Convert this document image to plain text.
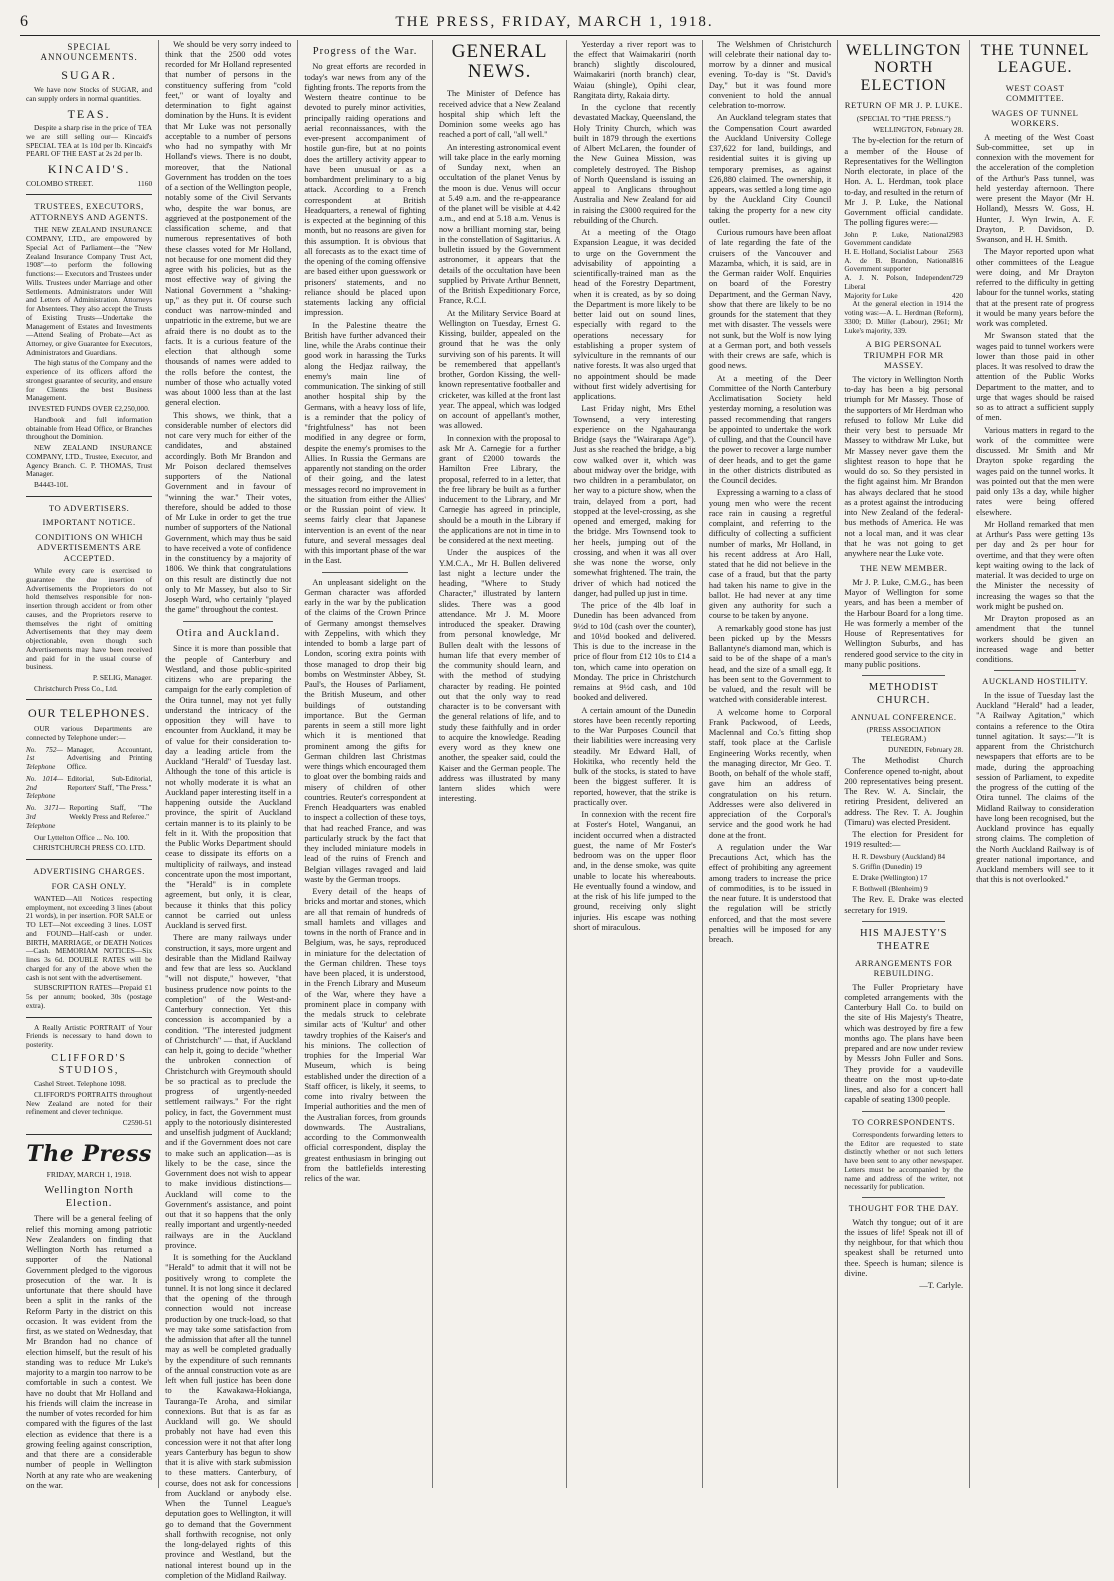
6	THE PRESS, FRIDAY, MARCH 1, 1918.
SPECIAL ANNOUNCEMENTS.
SUGAR.

We have now Stocks of SUGAR, and can supply orders in normal quantities.

TEAS.

Despite a sharp rise in the price of TEA we are still selling our— Kincaid's SPECIAL TEA at 1s 10d per lb. Kincaid's PEARL OF THE EAST at 2s 2d per lb.

KINCAID'S.
COLOMBO STREET.	1160
TRUSTEES, EXECUTORS, ATTORNEYS AND AGENTS.

THE NEW ZEALAND INSURANCE COMPANY, LTD., are empowered by Special Act of Parliament—the "New Zealand Insurance Company Trust Act, 1908"—to perform the following functions:— Executors and Trustees under Wills. Trustees under Marriage and other Settlements. Administrators under Will and Letters of Administration. Attorneys for Absentees. They also accept the Trusts of Existing Trusts—Undertake the Management of Estates and Investments—Attend Sealing of Probate—Act as Attorney, or give Guarantee for Executors, Administrators and Guardians.

The high status of the Company and the experience of its officers afford the strongest guarantee of security, and ensure for Clients the best Business Management.

INVESTED FUNDS OVER £2,250,000.

Handbook and full information obtainable from Head Office, or Branches throughout the Dominion.

NEW ZEALAND INSURANCE COMPANY, LTD., Trustee, Executor, and Agency Branch. C. P. THOMAS, Trust Manager.

B4443-10L

TO ADVERTISERS.
IMPORTANT NOTICE.
CONDITIONS ON WHICH ADVERTISEMENTS ARE ACCEPTED.

While every care is exercised to guarantee the due insertion of Advertisements the Proprietors do not hold themselves responsible for non-insertion through accident or from other causes, and the Proprietors reserve to themselves the right of omitting Advertisements that they may deem objectionable, even though such Advertisements may have been received and paid for in the usual course of business.

P. SELIG, Manager.

Christchurch Press Co., Ltd.

OUR TELEPHONES.

OUR various Departments are connected by Telephone under:—

No. 752—1st Telephone
Manager, Accountant, Advertising and Printing Office.
No. 1014—2nd Telephone
Editorial, Sub-Editorial, Reporters' Staff, "The Press."
No. 3171—3rd Telephone
Reporting Staff, "The Weekly Press and Referee."

Our Lyttelton Office ... No. 100.

CHRISTCHURCH PRESS CO. LTD.

ADVERTISING CHARGES.
FOR CASH ONLY.

WANTED—All Notices respecting employment, not exceeding 3 lines (about 21 words), in per insertion. FOR SALE or TO LET—Not exceeding 3 lines. LOST and FOUND—Half-cash or under. BIRTH, MARRIAGE, or DEATH Notices—Cash. MEMORIAM NOTICES—Six lines 3s 6d. DOUBLE RATES will be charged for any of the above when the cash is not sent with the advertisement.

SUBSCRIPTION RATES—Prepaid £1 5s per annum; booked, 30s (postage extra).

A Really Artistic PORTRAIT of Your Friends is necessary to hand down to posterity.

CLIFFORD'S STUDIOS,

Cashel Street. Telephone 1098.

CLIFFORD'S PORTRAITS throughout New Zealand are noted for their refinement and clever technique.

C2590-51

The Press
FRIDAY, MARCH 1, 1918.
Wellington North Election.

There will be a general feeling of relief this morning among patriotic New Zealanders on finding that Wellington North has returned a supporter of the National Government pledged to the vigorous prosecution of the war. It is unfortunate that there should have been a split in the ranks of the Reform Party in the district on this occasion. It was evident from the first, as we stated on Wednesday, that Mr Brandon had no chance of election himself, but the result of his standing was to reduce Mr Luke's majority to a margin too narrow to be comfortable in such a contest. We have no doubt that Mr Holland and his friends will claim the increase in the number of votes recorded for him compared with the figures of the last election as evidence that there is a growing feeling against conscription, and that there are a considerable number of people in Wellington North at any rate who are weakening on the war.

We should be very sorry indeed to think that the 2500 odd votes recorded for Mr Holland represented that number of persons in the constituency suffering from "cold feet," or want of loyalty and determination to fight against domination by the Huns. It is evident that Mr Luke was not personally acceptable to a number of persons who had no sympathy with Mr Holland's views. There is no doubt, moreover, that the National Government has trodden on the toes of a section of the Wellington people, notably some of the Civil Servants who, despite the war bonus, are aggrieved at the postponement of the classification scheme, and that numerous representatives of both these classes voted for Mr Holland, not because for one moment did they agree with his policies, but as the most effective way of giving the National Government a "shaking-up," as they put it. Of course such conduct was narrow-minded and unpatriotic in the extreme, but we are afraid there is no doubt as to the facts. It is a curious feature of the election that although some thousands of names were added to the rolls before the contest, the number of those who actually voted was about 1000 less than at the last general election.

This shows, we think, that a considerable number of electors did not care very much for either of the candidates, and abstained accordingly. Both Mr Brandon and Mr Poison declared themselves supporters of the National Government and in favour of "winning the war." Their votes, therefore, should be added to those of Mr Luke in order to get the true number of supporters of the National Government, which may thus be said to have received a vote of confidence in the constituency by a majority of 1806. We think that congratulations on this result are distinctly due not only to Mr Massey, but also to Sir Joseph Ward, who certainly "played the game" throughout the contest.

Otira and Auckland.

Since it is more than possible that the people of Canterbury and Westland, and those public-spirited citizens who are preparing the campaign for the early completion of the Otira tunnel, may not yet fully understand the intricacy of the opposition they will have to encounter from Auckland, it may be of value for their consideration to-day a leading article from the Auckland "Herald" of Tuesday last. Although the tone of this article is not wholly moderate it is what an Auckland paper interesting itself in a happening outside the Auckland province, the spirit of Auckland certain manner is to its plainly to be felt in it. With the proposition that the Public Works Department should cease to dissipate its efforts on a multiplicity of railways, and instead concentrate upon the most important, the "Herald" is in complete agreement, but only, it is clear, because it thinks that this policy cannot be carried out unless Auckland is served first.

There are many railways under construction, it says, more urgent and desirable than the Midland Railway and few that are less so. Auckland "will not dispute," however, "that business prudence now points to the completion" of the West-and-Canterbury connection. Yet this concession is accompanied by a condition. "The interested judgment of Christchurch" — that, if Auckland can help it, going to decide "whether the unbroken connection of Christchurch with Greymouth should be so practical as to preclude the progress of urgently-needed settlement railways." For the right policy, in fact, the Government must apply to the notoriously disinterested and unselfish judgment of Auckland; and if the Government does not care to make such an application—as is likely to be the case, since the Government does not wish to appear to make invidious distinctions—Auckland will come to the Government's assistance, and point out that it so happens that the only really important and urgently-needed railways are in the Auckland province.

It is something for the Auckland "Herald" to admit that it will not be positively wrong to complete the tunnel. It is not long since it declared that the opening of the through connection would not increase production by one truck-load, so that we may take some satisfaction from the admission that after all the tunnel may as well be completed gradually by the expenditure of such remnants of the annual construction vote as are left when full justice has been done to the Kawakawa-Hokianga, Taurangа-Te Aroha, and similar connexions. But that is as far as Auckland will go. We should probably not have had even this concession were it not that after long years Canterbury has begun to show that it is alive with stark submission to these matters. Canterbury, of course, does not ask for concessions from Auckland or anybody else. When the Tunnel League's deputation goes to Wellington, it will go to demand that the Government shall forthwith recognise, not only the long-delayed rights of this province and Westland, but the national interest bound up in the completion of the Midland Railway.

Progress of the War.

No great efforts are recorded in today's war news from any of the fighting fronts. The reports from the Western theatre continue to be devoted to purely minor activities, principally raiding operations and aerial reconnaissances, with the ever-present accompaniment of hostile gun-fire, but at no points does the artillery activity appear to have been unusual or as a bombardment preliminary to a big attack. According to a French correspondent at British Headquarters, a renewal of fighting is expected at the beginning of this month, but no reasons are given for this assumption. It is obvious that all forecasts as to the exact time of the opening of the coming offensive are based either upon guesswork or prisoners' statements, and no reliance should be placed upon statements lacking any official impression.

In the Palestine theatre the British have further advanced their line, while the Arabs continue their good work in harassing the Turks along the Hedjaz railway, the enemy's main line of communication. The sinking of still another hospital ship by the Germans, with a heavy loss of life, is a reminder that the policy of "frightfulness" has not been modified in any degree or form, despite the enemy's promises to the Allies. In Russia the Germans are apparently not standing on the order of their going, and the latest messages record no improvement in the situation from either the Allies' or the Russian point of view. It seems fairly clear that Japanese intervention is an event of the near future, and several messages deal with this important phase of the war in the East.

An unpleasant sidelight on the German character was afforded early in the war by the publication of the claims of the Crown Prince of Germany amongst themselves with Zeppelins, with which they intended to bomb a large part of London, scoring extra points with those managed to drop their big bombs on Westminster Abbey, St. Paul's, the Houses of Parliament, the British Museum, and other buildings of outstanding importance. But the German parents in seem a still more light which it is mentioned that prominent among the gifts for German children last Christmas were things which encouraged them to gloat over the bombing raids and misery of children of other countries. Reuter's correspondent at French Headquarters was enabled to inspect a collection of these toys, that had reached France, and was particularly struck by the fact that they included miniature models in lead of the ruins of French and Belgian villages ravaged and laid waste by the German troops.

Every detail of the heaps of bricks and mortar and stones, which are all that remain of hundreds of small hamlets and villages and towns in the north of France and in Belgium, was, he says, reproduced in miniature for the delectation of the German children. These toys have been placed, it is understood, in the French Library and Museum of the War, where they have a prominent place in company with the medals struck to celebrate similar acts of 'Kultur' and other tawdry trophies of the Kaiser's and his minions. The collection of trophies for the Imperial War Museum, which is being established under the direction of a Staff officer, is likely, it seems, to come into rivalry between the Imperial authorities and the men of the Australian forces, from grounds downwards. The Australians, according to the Commonwealth official correspondent, display the greatest enthusiasm in bringing out from the battlefields interesting relics of the war.

GENERAL NEWS.

The Minister of Defence has received advice that a New Zealand hospital ship which left the Dominion some weeks ago has reached a port of call, "all well."

An interesting astronomical event will take place in the early morning of Sunday next, when an occultation of the planet Venus by the moon is due. Venus will occur at 5.49 a.m. and the re-appearance of the planet will be visible at 4.42 a.m., and end at 5.18 a.m. Venus is now a brilliant morning star, being in the constellation of Sagittarius. A bulletin issued by the Government astronomer, it appears that the details of the occultation have been supplied by Private Arthur Bennett, of the British Expeditionary Force, France, R.C.I.

At the Military Service Board at Wellington on Tuesday, Ernest G. Kissing, builder, appealed on the ground that he was the only surviving son of his parents. It will be remembered that appellant's brother, Gordon Kissing, the well-known representative footballer and cricketer, was killed at the front last year. The appeal, which was lodged on account of appellant's mother, was allowed.

In connexion with the proposal to ask Mr A. Carnegie for a further grant of £2000 towards the Hamilton Free Library, the proposal, referred to in a letter, that the free library be built as a further inducement to the Library, and Mr Carnegie has agreed in principle, should be a mouth in the Library if the applications are not in time in to be considered at the next meeting.

Under the auspices of the Y.M.C.A., Mr H. Bullen delivered last night a lecture under the heading, "Where to Study Character," illustrated by lantern slides. There was a good attendance. Mr J. M. Moore introduced the speaker. Drawing from personal knowledge, Mr Bullen dealt with the lessons of human life that every member of the community should learn, and with the method of studying character by reading. He pointed out that the only way to read character is to be conversant with the general relations of life, and to study these faithfully and in order to acquire the knowledge. Reading every word as they knew one another, the speaker said, could the Kaiser and the German people. The address was illustrated by many lantern slides which were interesting.

Yesterday a river report was to the effect that Waimakariri (north branch) slightly discoloured, Waimakariri (north branch) clear, Waiau (shingle), Opihi clear, Rangitata dirty, Rakaia dirty.

In the cyclone that recently devastated Mackay, Queensland, the Holy Trinity Church, which was built in 1879 through the exertions of Albert McLaren, the founder of the New Guinea Mission, was completely destroyed. The Bishop of North Queensland is issuing an appeal to Anglicans throughout Australia and New Zealand for aid in raising the £3000 required for the rebuilding of the Church.

At a meeting of the Otago Expansion League, it was decided to urge on the Government the advisability of appointing a scientifically-trained man as the head of the Forestry Department, when it is created, as by so doing the Department is more likely to be better laid out on sound lines, especially with regard to the operations necessary for establishing a proper system of sylviculture in the remnants of our native forests. It was also urged that no appointment should be made without first widely advertising for applications.

Last Friday night, Mrs Ethel Townsend, a very interesting experience on the Ngahauranga Bridge (says the "Wairarapa Age"). Just as she reached the bridge, a big cow walked over it, which was about midway over the bridge, with two children in a perambulator, on her way to a picture show, when the train, delayed from a port, had stopped at the level-crossing, as she opened and emerged, making for the bridge. Mrs Townsend took to her heels, jumping out of the crossing, and when it was all over she was none the worse, only somewhat frightened. The train, the driver of which had noticed the danger, had pulled up just in time.

The price of the 4lb loaf in Dunedin has been advanced from 9½d to 10d (cash over the counter), and 10½d booked and delivered. This is due to the increase in the price of flour from £12 10s to £14 a ton, which came into operation on Monday. The price in Christchurch remains at 9½d cash, and 10d booked and delivered.

A certain amount of the Dunedin stores have been recently reporting to the War Purposes Council that their liabilities were increasing very steadily. Mr Edward Hall, of Hokitika, who recently held the bulk of the stocks, is stated to have been the biggest sufferer. It is reported, however, that the strike is practically over.

In connexion with the recent fire at Foster's Hotel, Wanganui, an incident occurred when a distracted guest, the name of Mr Foster's bedroom was on the upper floor and, in the dense smoke, was quite unable to locate his whereabouts. He eventually found a window, and at the risk of his life jumped to the ground, receiving only slight injuries. His escape was nothing short of miraculous.

The Welshmen of Christchurch will celebrate their national day to-morrow by a dinner and musical evening. To-day is "St. David's Day," but it was found more convenient to hold the annual celebration to-morrow.

An Auckland telegram states that the Compensation Court awarded the Auckland University College £37,622 for land, buildings, and residential suites it is giving up temporary premises, as against £26,880 claimed. The ownership, it appears, was settled a long time ago by the Auckland City Council taking the property for a new city outlet.

Curious rumours have been afloat of late regarding the fate of the cruisers of the Vancouver and Mazamba, which, it is said, are in the German raider Wolf. Enquiries on board of the Forestry Department, and the German Navy, show that there are likely to be no grounds for the statement that they met with disaster. The vessels were not sunk, but the Wolf is now lying at a German port, and both vessels with their crews are safe, which is good news.

At a meeting of the Deer Committee of the North Canterbury Acclimatisation Society held yesterday morning, a resolution was passed recommending that rangers be appointed to undertake the work of culling, and that the Council have the power to recover a large number of deer heads, and to get the game in the other districts distributed as the Council decides.

Expressing a warning to a class of young men who were the recent race rain in causing a regretful complaint, and referring to the difficulty of collecting a sufficient number of marks, Mr Holland, in his recent address at Aro Hall, stated that he did not believe in the case of a fraud, but that the party had taken his name to give in the ballot. He had never at any time given any authority for such a course to be taken by anyone.

A remarkably good stone has just been picked up by the Messrs Ballantyne's diamond man, which is said to be of the shape of a man's head, and the size of a small egg. It has been sent to the Government to be valued, and the result will be watched with considerable interest.

A welcome home to Corporal Frank Packwood, of Leeds, Maclennal and Co.'s fitting shop staff, took place at the Carlisle Engineering Works recently, when the managing director, Mr Geo. T. Booth, on behalf of the whole staff, gave him an address of congratulation on his return. Addresses were also delivered in appreciation of the Corporal's service and the good work he had done at the front.

A regulation under the War Precautions Act, which has the effect of prohibiting any agreement among traders to increase the price of commodities, is to be issued in the near future. It is understood that the regulation will be strictly enforced, and that the most severe penalties will be imposed for any breach.

WELLINGTON NORTH ELECTION
RETURN OF MR J. P. LUKE.

(SPECIAL TO "THE PRESS.")

WELLINGTON, February 28.

The by-election for the return of a member of the House of Representatives for the Wellington North electorate, in place of the Hon. A. L. Herdman, took place to-day, and resulted in the return of Mr J. P. Luke, the National Government official candidate. The polling figures were:—

John P. Luke, National Government candidate
2983
H. E. Holland, Socialist Labour 2563
A. de B. Brandon, National Government supporter
816
A. J. N. Polson, Independent Liberal
729
Majority for Luke	420

At the general election in 1914 the voting was:—A. L. Herdman (Reform), 3300; D. Miller (Labour), 2961; Mr Luke's majority, 339.

A BIG PERSONAL TRIUMPH FOR MR MASSEY.

The victory in Wellington North to-day has been a big personal triumph for Mr Massey. Those of the supporters of Mr Herdman who refused to follow Mr Luke did their very best to persuade Mr Massey to withdraw Mr Luke, but Mr Massey never gave them the slightest reason to hope that he would do so. So they persisted in the fight against him. Mr Brandon has always declared that he stood as a protest against the introducing into New Zealand of the federal-bus methods of America. He was not a local man, and it was clear that he was not going to get anywhere near the Luke vote.

THE NEW MEMBER.

Mr J. P. Luke, C.M.G., has been Mayor of Wellington for some years, and has been a member of the Harbour Board for a long time. He was formerly a member of the House of Representatives for Wellington Suburbs, and has rendered good service to the city in many public positions.

METHODIST CHURCH.
ANNUAL CONFERENCE.

(PRESS ASSOCIATION TELEGRAM.)

DUNEDIN, February 28.

The Methodist Church Conference opened to-night, about 200 representatives being present. The Rev. W. A. Sinclair, the retiring President, delivered an address. The Rev. T. A. Joughin (Timaru) was elected President.

The election for President for 1919 resulted:—

H. R. Dewsbury (Auckland) 84

S. Griffin (Dunedin) 19

E. Drake (Wellington) 17

F. Bothwell (Blenheim) 9

The Rev. E. Drake was elected secretary for 1919.

HIS MAJESTY'S THEATRE
ARRANGEMENTS FOR REBUILDING.

The Fuller Proprietary have completed arrangements with the Canterbury Hall Co. to build on the site of His Majesty's Theatre, which was destroyed by fire a few months ago. The plans have been prepared and are now under review by Messrs John Fuller and Sons. They provide for a vaudeville theatre on the most up-to-date lines, and also for a concert hall capable of seating 1300 people.

TO CORRESPONDENTS.

Correspondents forwarding letters to the Editor are requested to state distinctly whether or not such letters have been sent to any other newspaper. Letters must be accompanied by the name and address of the writer, not necessarily for publication.

THOUGHT FOR THE DAY.

Watch thy tongue; out of it are the issues of life! Speak not ill of thy neighbour, for that which thou speakest shall be returned unto thee. Speech is human; silence is divine.

—T. Carlyle.

THE TUNNEL LEAGUE.
WEST COAST COMMITTEE.
WAGES OF TUNNEL WORKERS.

A meeting of the West Coast Sub-committee, set up in connexion with the movement for the acceleration of the completion of the Arthur's Pass tunnel, was held yesterday afternoon. There were present the Mayor (Mr H. Holland), Messrs W. Goss, H. Hunter, J. Wyn Irwin, A. F. Drayton, P. Davidson, D. Swanson, and H. H. Smith.

The Mayor reported upon what other committees of the League were doing, and Mr Drayton referred to the difficulty in getting labour for the tunnel works, stating that at the present rate of progress it would be many years before the work was completed.

Mr Swanson stated that the wages paid to tunnel workers were lower than those paid in other places. It was resolved to draw the attention of the Public Works Department to the matter, and to urge that wages should be raised so as to attract a sufficient supply of men.

Various matters in regard to the work of the committee were discussed. Mr Smith and Mr Drayton spoke regarding the wages paid on the tunnel works. It was pointed out that the men were paid only 13s a day, while higher rates were being offered elsewhere.

Mr Holland remarked that men at Arthur's Pass were getting 13s per day and 2s per hour for overtime, and that they were often kept waiting owing to the lack of material. It was decided to urge on the Minister the necessity of increasing the wages so that the work might be pushed on.

Mr Drayton proposed as an amendment that the tunnel workers should be given an increased wage and better conditions.

AUCKLAND HOSTILITY.

In the issue of Tuesday last the Auckland "Herald" had a leader, "A Railway Agitation," which contains a reference to the Otira tunnel agitation. It says:—"It is apparent from the Christchurch newspapers that efforts are to be made, during the approaching session of Parliament, to expedite the progress of the cutting of the Otira tunnel. The claims of the Midland Railway to consideration have long been recognised, but the Auckland province has equally strong claims. The completion of the North Auckland Railway is of greater national importance, and Auckland members will see to it that this is not overlooked."
